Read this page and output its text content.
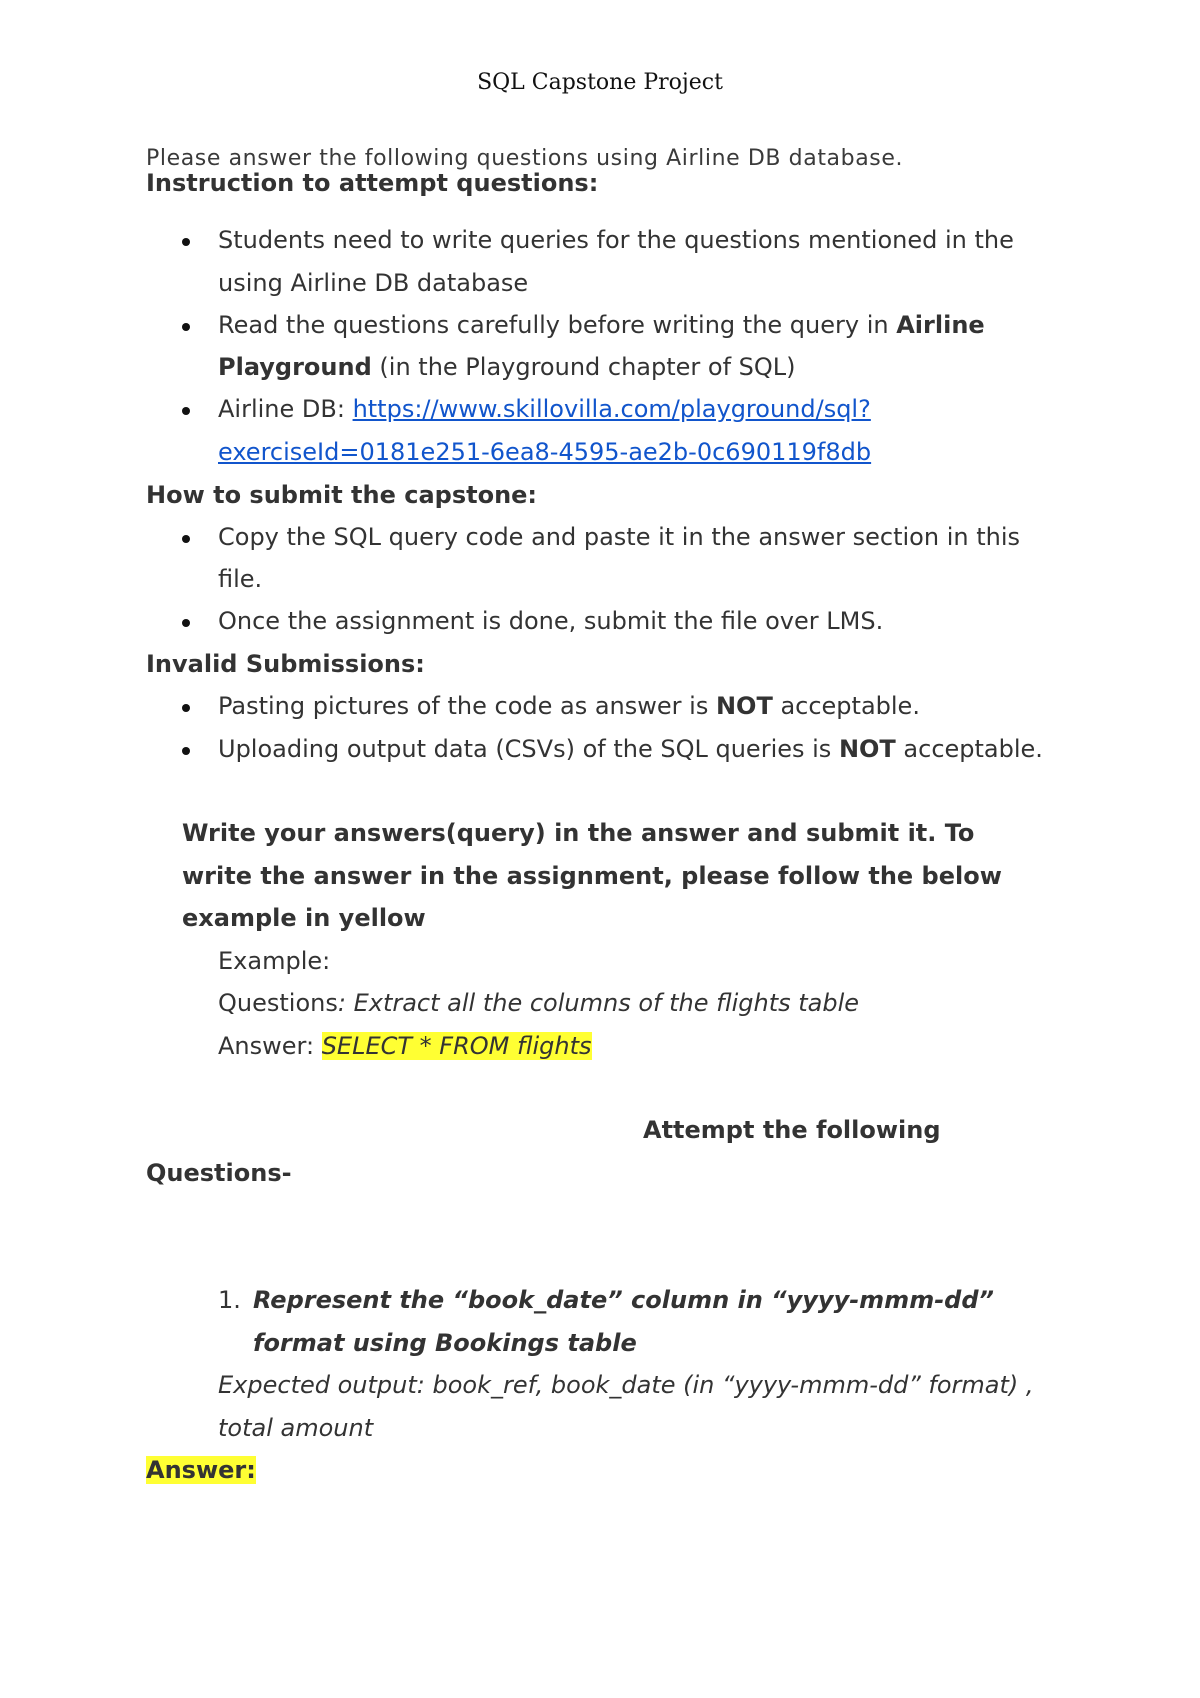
SQL Capstone Project
Please answer the following questions using Airline DB database.
Instruction to attempt questions:
Students need to write queries for the questions mentioned in the
using Airline DB database
Read the questions carefully before writing the query in Airline
Playground (in the Playground chapter of SQL)
Airline DB: https://www.skillovilla.com/playground/sql?
exerciseId=0181e251-6ea8-4595-ae2b-0c690119f8db
How to submit the capstone:
Copy the SQL query code and paste it in the answer section in this
file.
Once the assignment is done, submit the file over LMS.
Invalid Submissions:
Pasting pictures of the code as answer is NOT acceptable.
Uploading output data (CSVs) of the SQL queries is NOT acceptable.
Write your answers(query) in the answer and submit it. To
write the answer in the assignment, please follow the below
example in yellow
Example:
Questions: Extract all the columns of the flights table
Answer: SELECT * FROM flights
Attempt the following
Questions-
1. Represent the “book_date” column in “yyyy-mmm-dd”
format using Bookings table
Expected output: book_ref, book_date (in “yyyy-mmm-dd” format) ,
total amount
Answer:
